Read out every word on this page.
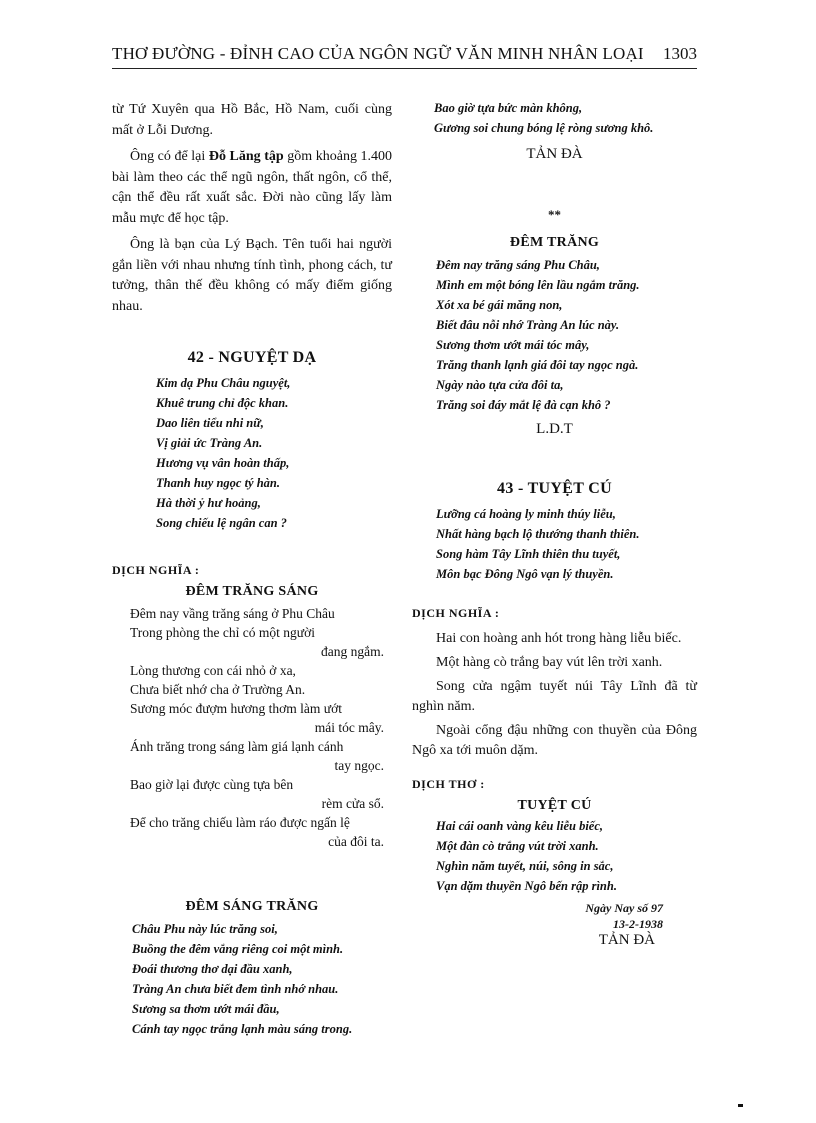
THƠ ĐƯỜNG - ĐỈNH CAO CỦA NGÔN NGỮ VĂN MINH NHÂN LOẠI 1303

từ Tứ Xuyên qua Hồ Bắc, Hồ Nam, cuối cùng mất ở Lỗi Dương.

Ông có để lại Đỗ Lăng tập gồm khoảng 1.400 bài làm theo các thể ngũ ngôn, thất ngôn, cổ thể, cận thể đều rất xuất sắc. Đời nào cũng lấy làm mẫu mực để học tập.

Ông là bạn của Lý Bạch. Tên tuổi hai người gắn liền với nhau nhưng tính tình, phong cách, tư tưởng, thân thế đều không có mấy điểm giống nhau.

42 - NGUYỆT DẠ
Kim dạ Phu Châu nguyệt,
Khuê trung chỉ độc khan.
Dao liên tiểu nhi nữ,
Vị giải ức Tràng An.
Hương vụ vân hoàn thấp,
Thanh huy ngọc tý hàn.
Hà thời ỷ hư hoảng,
Song chiếu lệ ngân can ?
DỊCH NGHĨA :
ĐÊM TRĂNG SÁNG
Đêm nay vầng trăng sáng ở Phu Châu
Trong phòng the chỉ có một người
đang ngắm.
Lòng thương con cái nhỏ ở xa,
Chưa biết nhớ cha ở Trường An.
Sương móc đượm hương thơm làm ướt
mái tóc mây.
Ánh trăng trong sáng làm giá lạnh cánh
tay ngọc.
Bao giờ lại được cùng tựa bên
rèm cửa sổ.
Để cho trăng chiếu làm ráo được ngấn lệ
của đôi ta.
ĐÊM SÁNG TRĂNG
Châu Phu này lúc trăng soi,
Buồng the đêm vắng riêng coi một mình.
Đoái thương thơ dại đầu xanh,
Tràng An chưa biết đem tình nhớ nhau.
Sương sa thơm ướt mái đầu,
Cánh tay ngọc trắng lạnh màu sáng trong.
Bao giờ tựa bức màn không,
Gương soi chung bóng lệ ròng sương khô.
TẢN ĐÀ
**
ĐÊM TRĂNG
Đêm nay trăng sáng Phu Châu,
Mình em một bóng lên lầu ngắm trăng.
Xót xa bé gái măng non,
Biết đâu nỗi nhớ Tràng An lúc này.
Sương thơm ướt mái tóc mây,
Trăng thanh lạnh giá đôi tay ngọc ngà.
Ngày nào tựa cửa đôi ta,
Trăng soi đáy mắt lệ đà cạn khô ?
L.D.T
43 - TUYỆT CÚ
Lưỡng cá hoàng ly minh thúy liễu,
Nhất hàng bạch lộ thướng thanh thiên.
Song hàm Tây Lĩnh thiên thu tuyết,
Môn bạc Đông Ngô vạn lý thuyền.
DỊCH NGHĨA :

Hai con hoàng anh hót trong hàng liễu biếc.

Một hàng cò trắng bay vút lên trời xanh.

Song cửa ngậm tuyết núi Tây Lĩnh đã từ nghìn năm.

Ngoài cổng đậu những con thuyền của Đông Ngô xa tới muôn dặm.

DỊCH THƠ :
TUYỆT CÚ
Hai cái oanh vàng kêu liễu biếc,
Một đàn cò trắng vút trời xanh.
Nghìn năm tuyết, núi, sông in sắc,
Vạn dặm thuyền Ngô bến rập rình.
Ngày Nay số 97
13-2-1938
TẢN ĐÀ
